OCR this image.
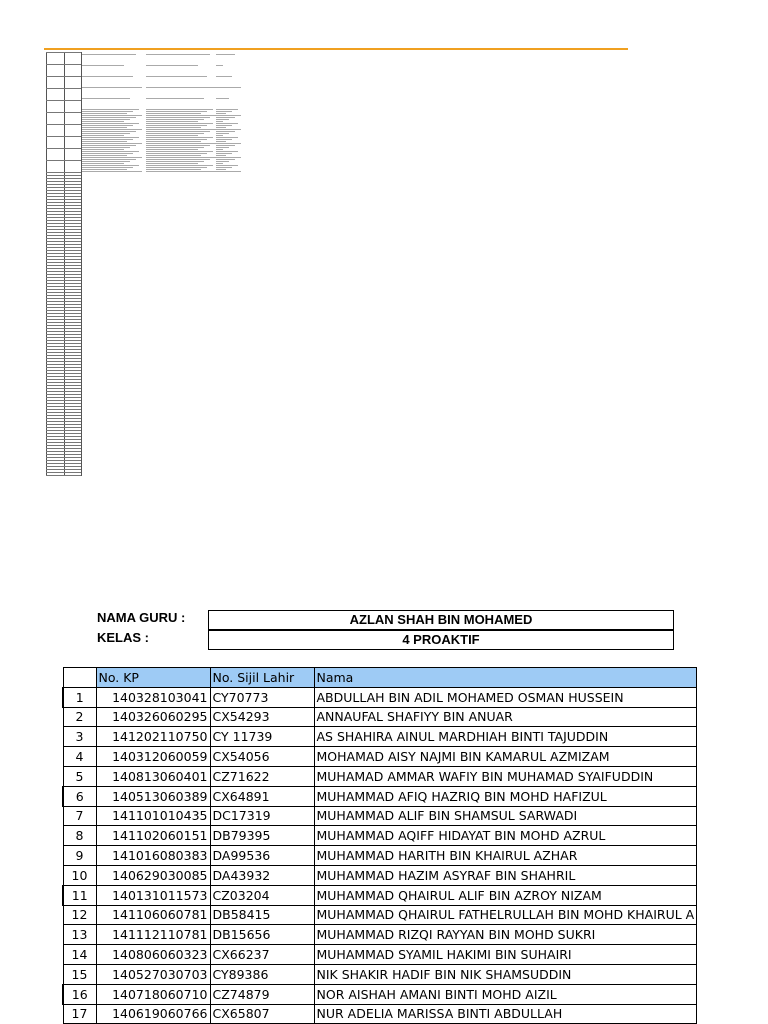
NAMA GURU :	AZLAN SHAH BIN MOHAMED
KELAS :	4 PROAKTIF
	No. KP	No. Sijil Lahir	Nama
1	140328103041	CY70773	ABDULLAH BIN ADIL MOHAMED OSMAN HUSSEIN
2	140326060295	CX54293	ANNAUFAL SHAFIYY BIN ANUAR
3	141202110750	CY 11739	AS SHAHIRA AINUL MARDHIAH BINTI TAJUDDIN
4	140312060059	CX54056	MOHAMAD AISY NAJMI BIN KAMARUL AZMIZAM
5	140813060401	CZ71622	MUHAMAD AMMAR WAFIY BIN MUHAMAD SYAIFUDDIN
6	140513060389	CX64891	MUHAMMAD AFIQ HAZRIQ BIN MOHD HAFIZUL
7	141101010435	DC17319	MUHAMMAD ALIF BIN SHAMSUL SARWADI
8	141102060151	DB79395	MUHAMMAD AQIFF HIDAYAT BIN MOHD AZRUL
9	141016080383	DA99536	MUHAMMAD HARITH BIN KHAIRUL AZHAR
10	140629030085	DA43932	MUHAMMAD HAZIM ASYRAF BIN SHAHRIL
11	140131011573	CZ03204	MUHAMMAD QHAIRUL ALIF BIN AZROY NIZAM
12	141106060781	DB58415	MUHAMMAD QHAIRUL FATHELRULLAH BIN MOHD KHAIRUL A
13	141112110781	DB15656	MUHAMMAD RIZQI RAYYAN BIN MOHD SUKRI
14	140806060323	CX66237	MUHAMMAD SYAMIL HAKIMI BIN SUHAIRI
15	140527030703	CY89386	NIK SHAKIR HADIF BIN NIK SHAMSUDDIN
16	140718060710	CZ74879	NOR AISHAH AMANI BINTI MOHD AIZIL
17	140619060766	CX65807	NUR ADELIA MARISSA BINTI ABDULLAH
